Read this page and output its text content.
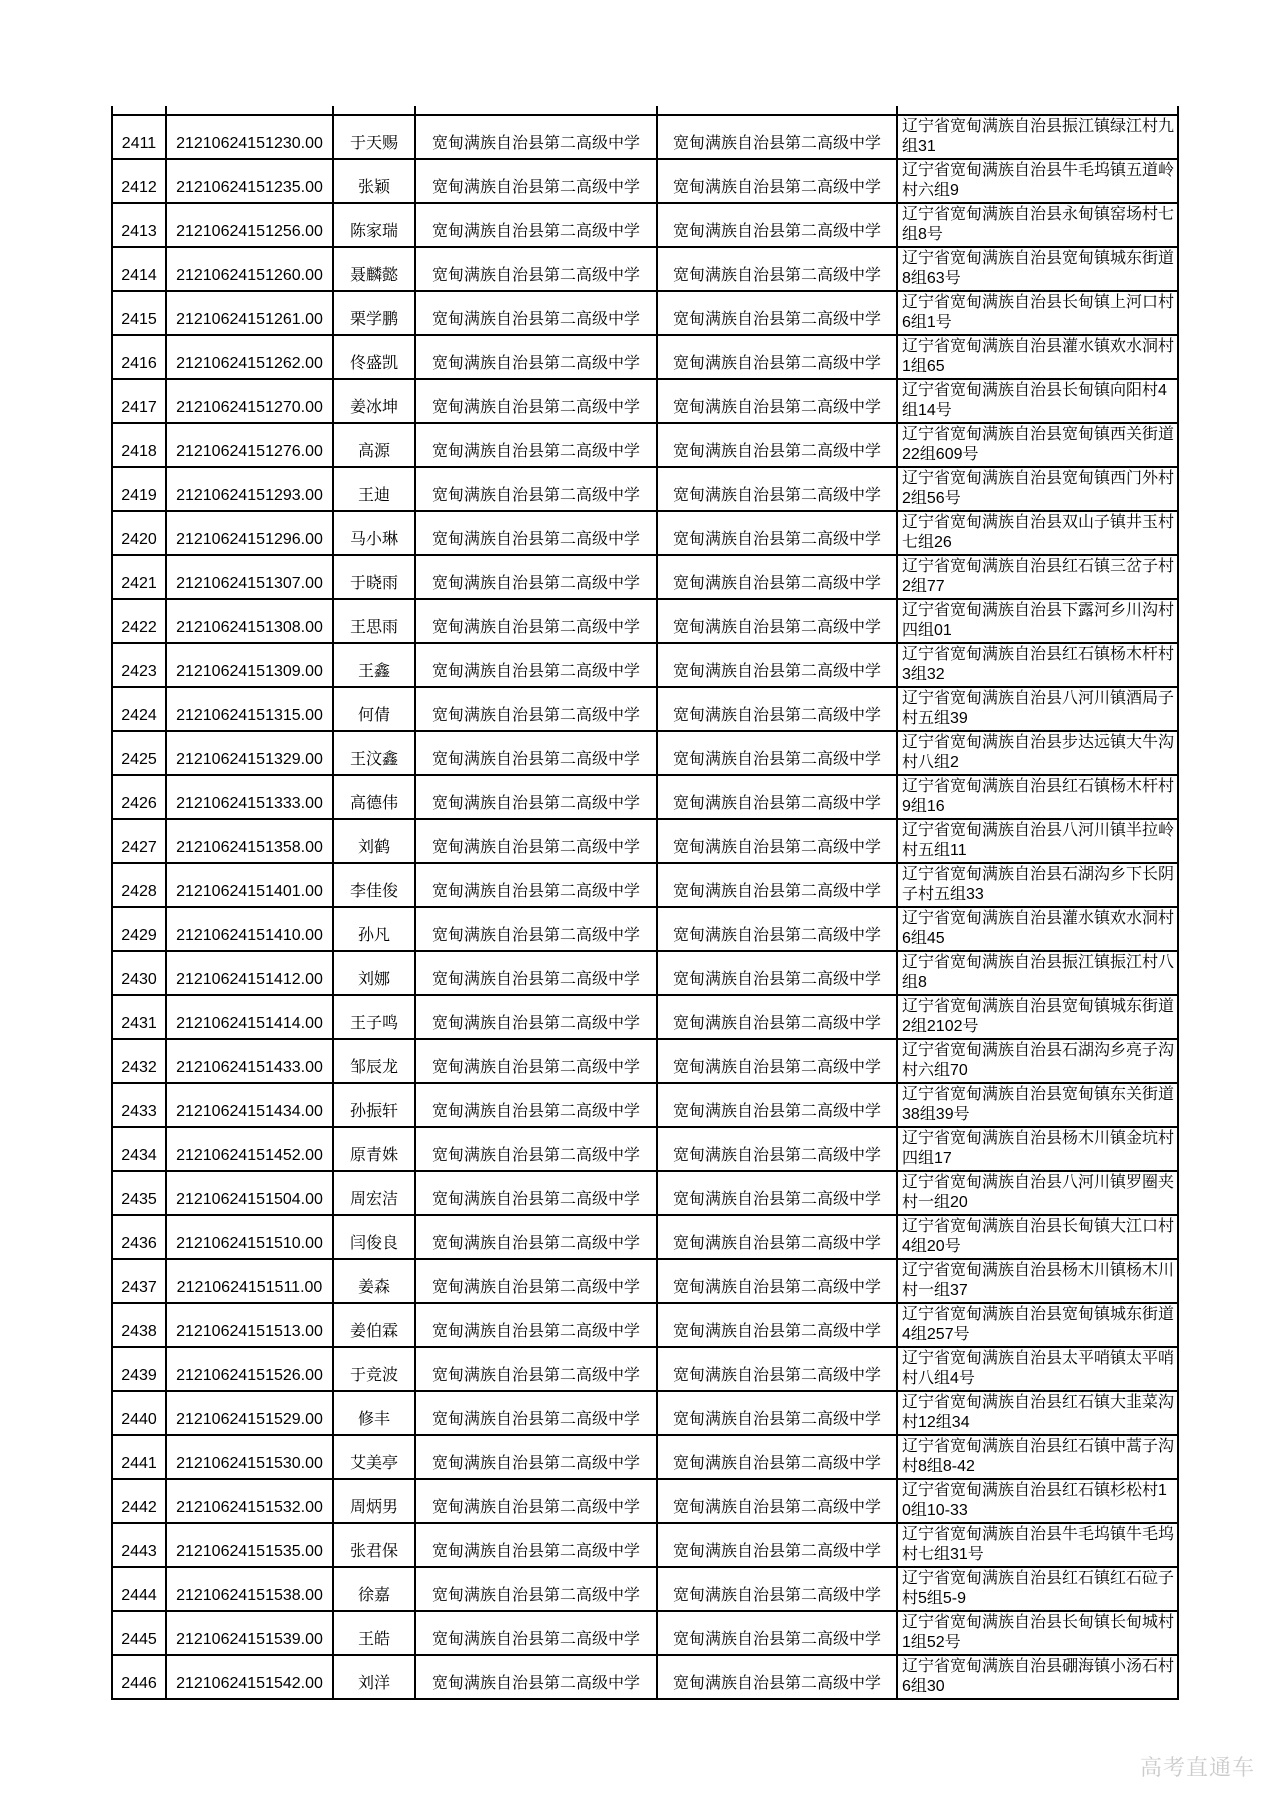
2411	21210624151230.00	于天赐	宽甸满族自治县第二高级中学	宽甸满族自治县第二高级中学	辽宁省宽甸满族自治县振江镇绿江村九组31
2412	21210624151235.00	张颖	宽甸满族自治县第二高级中学	宽甸满族自治县第二高级中学	辽宁省宽甸满族自治县牛毛坞镇五道岭村六组9
2413	21210624151256.00	陈家瑞	宽甸满族自治县第二高级中学	宽甸满族自治县第二高级中学	辽宁省宽甸满族自治县永甸镇窑场村七组8号
2414	21210624151260.00	聂麟懿	宽甸满族自治县第二高级中学	宽甸满族自治县第二高级中学	辽宁省宽甸满族自治县宽甸镇城东街道8组63号
2415	21210624151261.00	栗学鹏	宽甸满族自治县第二高级中学	宽甸满族自治县第二高级中学	辽宁省宽甸满族自治县长甸镇上河口村6组1号
2416	21210624151262.00	佟盛凯	宽甸满族自治县第二高级中学	宽甸满族自治县第二高级中学	辽宁省宽甸满族自治县灌水镇欢水洞村1组65
2417	21210624151270.00	姜冰坤	宽甸满族自治县第二高级中学	宽甸满族自治县第二高级中学	辽宁省宽甸满族自治县长甸镇向阳村4组14号
2418	21210624151276.00	高源	宽甸满族自治县第二高级中学	宽甸满族自治县第二高级中学	辽宁省宽甸满族自治县宽甸镇西关街道22组609号
2419	21210624151293.00	王迪	宽甸满族自治县第二高级中学	宽甸满族自治县第二高级中学	辽宁省宽甸满族自治县宽甸镇西门外村2组56号
2420	21210624151296.00	马小琳	宽甸满族自治县第二高级中学	宽甸满族自治县第二高级中学	辽宁省宽甸满族自治县双山子镇井玉村七组26
2421	21210624151307.00	于晓雨	宽甸满族自治县第二高级中学	宽甸满族自治县第二高级中学	辽宁省宽甸满族自治县红石镇三岔子村2组77
2422	21210624151308.00	王思雨	宽甸满族自治县第二高级中学	宽甸满族自治县第二高级中学	辽宁省宽甸满族自治县下露河乡川沟村四组01
2423	21210624151309.00	王鑫	宽甸满族自治县第二高级中学	宽甸满族自治县第二高级中学	辽宁省宽甸满族自治县红石镇杨木杆村3组32
2424	21210624151315.00	何倩	宽甸满族自治县第二高级中学	宽甸满族自治县第二高级中学	辽宁省宽甸满族自治县八河川镇酒局子村五组39
2425	21210624151329.00	王汶鑫	宽甸满族自治县第二高级中学	宽甸满族自治县第二高级中学	辽宁省宽甸满族自治县步达远镇大牛沟村八组2
2426	21210624151333.00	高德伟	宽甸满族自治县第二高级中学	宽甸满族自治县第二高级中学	辽宁省宽甸满族自治县红石镇杨木杆村9组16
2427	21210624151358.00	刘鹤	宽甸满族自治县第二高级中学	宽甸满族自治县第二高级中学	辽宁省宽甸满族自治县八河川镇半拉岭村五组11
2428	21210624151401.00	李佳俊	宽甸满族自治县第二高级中学	宽甸满族自治县第二高级中学	辽宁省宽甸满族自治县石湖沟乡下长阴子村五组33
2429	21210624151410.00	孙凡	宽甸满族自治县第二高级中学	宽甸满族自治县第二高级中学	辽宁省宽甸满族自治县灌水镇欢水洞村6组45
2430	21210624151412.00	刘娜	宽甸满族自治县第二高级中学	宽甸满族自治县第二高级中学	辽宁省宽甸满族自治县振江镇振江村八组8
2431	21210624151414.00	王子鸣	宽甸满族自治县第二高级中学	宽甸满族自治县第二高级中学	辽宁省宽甸满族自治县宽甸镇城东街道2组2102号
2432	21210624151433.00	邹辰龙	宽甸满族自治县第二高级中学	宽甸满族自治县第二高级中学	辽宁省宽甸满族自治县石湖沟乡亮子沟村六组70
2433	21210624151434.00	孙振轩	宽甸满族自治县第二高级中学	宽甸满族自治县第二高级中学	辽宁省宽甸满族自治县宽甸镇东关街道38组39号
2434	21210624151452.00	原青姝	宽甸满族自治县第二高级中学	宽甸满族自治县第二高级中学	辽宁省宽甸满族自治县杨木川镇金坑村四组17
2435	21210624151504.00	周宏洁	宽甸满族自治县第二高级中学	宽甸满族自治县第二高级中学	辽宁省宽甸满族自治县八河川镇罗圈夹村一组20
2436	21210624151510.00	闫俊良	宽甸满族自治县第二高级中学	宽甸满族自治县第二高级中学	辽宁省宽甸满族自治县长甸镇大江口村4组20号
2437	21210624151511.00	姜森	宽甸满族自治县第二高级中学	宽甸满族自治县第二高级中学	辽宁省宽甸满族自治县杨木川镇杨木川村一组37
2438	21210624151513.00	姜伯霖	宽甸满族自治县第二高级中学	宽甸满族自治县第二高级中学	辽宁省宽甸满族自治县宽甸镇城东街道4组257号
2439	21210624151526.00	于竞波	宽甸满族自治县第二高级中学	宽甸满族自治县第二高级中学	辽宁省宽甸满族自治县太平哨镇太平哨村八组4号
2440	21210624151529.00	修丰	宽甸满族自治县第二高级中学	宽甸满族自治县第二高级中学	辽宁省宽甸满族自治县红石镇大韭菜沟村12组34
2441	21210624151530.00	艾美亭	宽甸满族自治县第二高级中学	宽甸满族自治县第二高级中学	辽宁省宽甸满族自治县红石镇中蒿子沟村8组8-42
2442	21210624151532.00	周炳男	宽甸满族自治县第二高级中学	宽甸满族自治县第二高级中学	辽宁省宽甸满族自治县红石镇杉松村10组10-33
2443	21210624151535.00	张君保	宽甸满族自治县第二高级中学	宽甸满族自治县第二高级中学	辽宁省宽甸满族自治县牛毛坞镇牛毛坞村七组31号
2444	21210624151538.00	徐嘉	宽甸满族自治县第二高级中学	宽甸满族自治县第二高级中学	辽宁省宽甸满族自治县红石镇红石砬子村5组5-9
2445	21210624151539.00	王皓	宽甸满族自治县第二高级中学	宽甸满族自治县第二高级中学	辽宁省宽甸满族自治县长甸镇长甸城村1组52号
2446	21210624151542.00	刘洋	宽甸满族自治县第二高级中学	宽甸满族自治县第二高级中学	辽宁省宽甸满族自治县硼海镇小汤石村6组30
高考直通车
